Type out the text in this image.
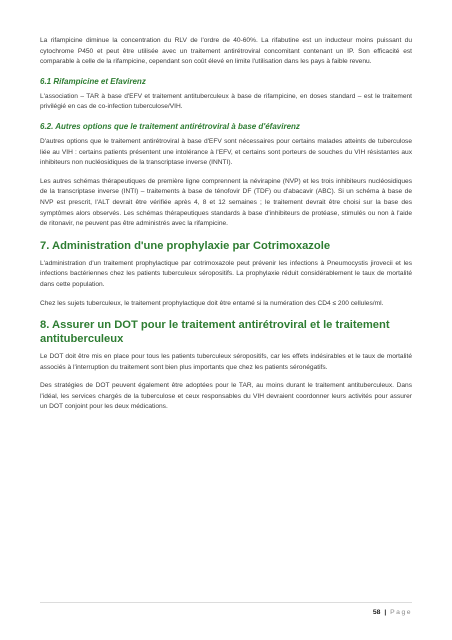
La rifampicine diminue la concentration du RLV de l'ordre de 40-60%. La rifabutine est un inducteur moins puissant du cytochrome P450 et peut être utilisée avec un traitement antirétroviral concomitant contenant un IP. Son efficacité est comparable à celle de la rifampicine, cependant son coût élevé en limite l'utilisation dans les pays à faible revenu.

6.1 Rifampicine et Efavirenz

L'association – TAR à base d'EFV et traitement antituberculeux à base de rifampicine, en doses standard – est le traitement privilégié en cas de co-infection tuberculose/VIH.

6.2. Autres options que le traitement antirétroviral à base d'éfavirenz

D'autres options que le traitement antirétroviral à base d'EFV sont nécessaires pour certains malades atteints de tuberculose liée au VIH : certains patients présentent une intolérance à l'EFV, et certains sont porteurs de souches du VIH résistantes aux inhibiteurs non nucléosidiques de la transcriptase inverse (INNTI).

Les autres schémas thérapeutiques de première ligne comprennent la névirapine (NVP) et les trois inhibiteurs nucléosidiques de la transcriptase inverse (INTI) – traitements à base de ténofovir DF (TDF) ou d'abacavir (ABC). Si un schéma à base de NVP est prescrit, l'ALT devrait être vérifiée après 4, 8 et 12 semaines ; le traitement devrait être choisi sur la base des symptômes alors observés. Les schémas thérapeutiques standards à base d'inhibiteurs de protéase, stimulés ou non à l'aide de ritonavir, ne peuvent pas être administrés avec la rifampicine.

7. Administration d'une prophylaxie par Cotrimoxazole

L'administration d'un traitement prophylactique par cotrimoxazole peut prévenir les infections à Pneumocystis jirovecii et les infections bactériennes chez les patients tuberculeux séropositifs. La prophylaxie réduit considérablement le taux de mortalité dans cette population.

Chez les sujets tuberculeux, le traitement prophylactique doit être entamé si la numération des CD4 ≤ 200 cellules/ml.

8. Assurer un DOT pour le traitement antirétroviral et le traitement antituberculeux

Le DOT doit être mis en place pour tous les patients tuberculeux séropositifs, car les effets indésirables et le taux de mortalité associés à l'interruption du traitement sont bien plus importants que chez les patients séronégatifs.

Des stratégies de DOT peuvent également être adoptées pour le TAR, au moins durant le traitement antituberculeux. Dans l'idéal, les services chargés de la tuberculose et ceux responsables du VIH devraient coordonner leurs activités pour assurer un DOT conjoint pour les deux médications.

58 | Page
